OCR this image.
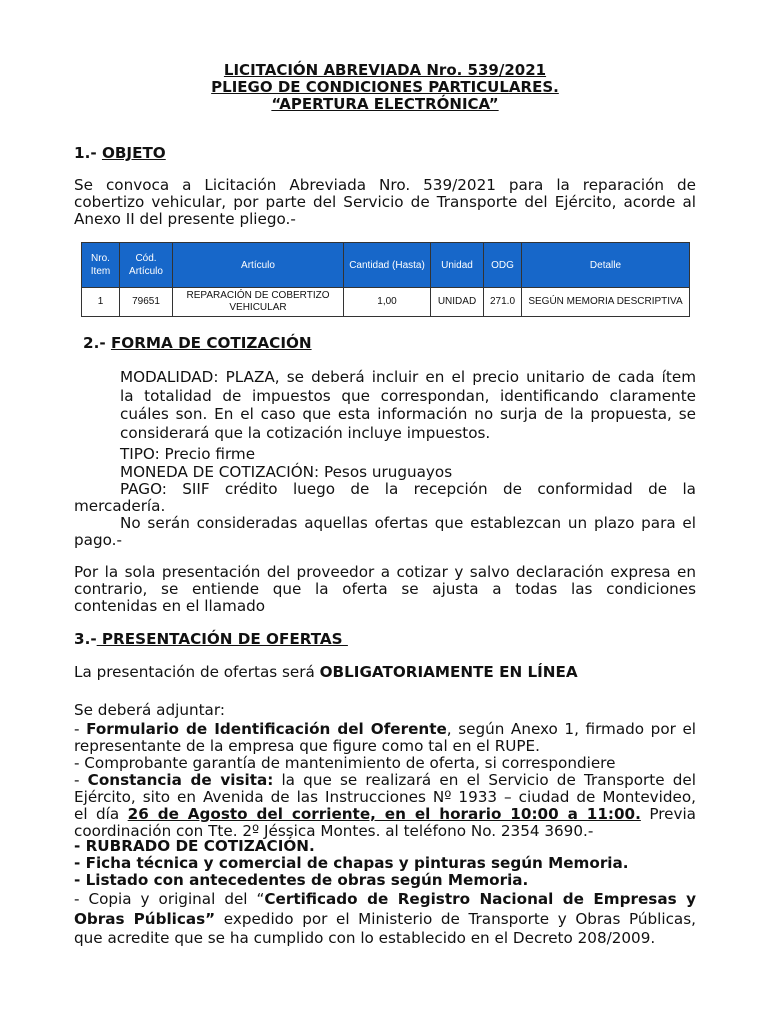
LICITACIÓN ABREVIADA Nro. 539/2021
PLIEGO DE CONDICIONES PARTICULARES.
“APERTURA ELECTRÓNICA”
1.- OBJETO
Se convoca a Licitación Abreviada Nro. 539/2021 para la reparación de
cobertizo vehicular, por parte del Servicio de Transporte del Ejército, acorde al
Anexo II del presente pliego.-
Nro. Item	Cód. Artículo	Artículo	Cantidad (Hasta)	Unidad	ODG	Detalle
1	79651	REPARACIÓN DE COBERTIZO VEHICULAR	1,00	UNIDAD	271.0	SEGÚN MEMORIA DESCRIPTIVA
2.- FORMA DE COTIZACIÓN
MODALIDAD: PLAZA, se deberá incluir en el precio unitario de cada ítem
la totalidad de impuestos que correspondan, identificando claramente
cuáles son. En el caso que esta información no surja de la propuesta, se
considerará que la cotización incluye impuestos.
TIPO: Precio firme
MONEDA DE COTIZACIÓN: Pesos uruguayos
PAGO: SIIF crédito luego de la recepción de conformidad de la
mercadería.
No serán consideradas aquellas ofertas que establezcan un plazo para el
pago.-
Por la sola presentación del proveedor a cotizar y salvo declaración expresa en
contrario, se entiende que la oferta se ajusta a todas las condiciones
contenidas en el llamado
3.- PRESENTACIÓN DE OFERTAS
La presentación de ofertas será OBLIGATORIAMENTE EN LÍNEA
Se deberá adjuntar:
- Formulario de Identificación del Oferente, según Anexo 1, firmado por el
representante de la empresa que figure como tal en el RUPE.
- Comprobante garantía de mantenimiento de oferta, si correspondiere
- Constancia de visita: la que se realizará en el Servicio de Transporte del
Ejército, sito en Avenida de las Instrucciones Nº 1933 – ciudad de Montevideo,
el día 26 de Agosto del corriente, en el horario 10:00 a 11:00. Previa
coordinación con Tte. 2º Jéssica Montes. al teléfono No. 2354 3690.-
- RUBRADO DE COTIZACIÓN.
- Ficha técnica y comercial de chapas y pinturas según Memoria.
- Listado con antecedentes de obras según Memoria.
- Copia y original del “Certificado de Registro Nacional de Empresas y
Obras Públicas” expedido por el Ministerio de Transporte y Obras Públicas,
que acredite que se ha cumplido con lo establecido en el Decreto 208/2009.
